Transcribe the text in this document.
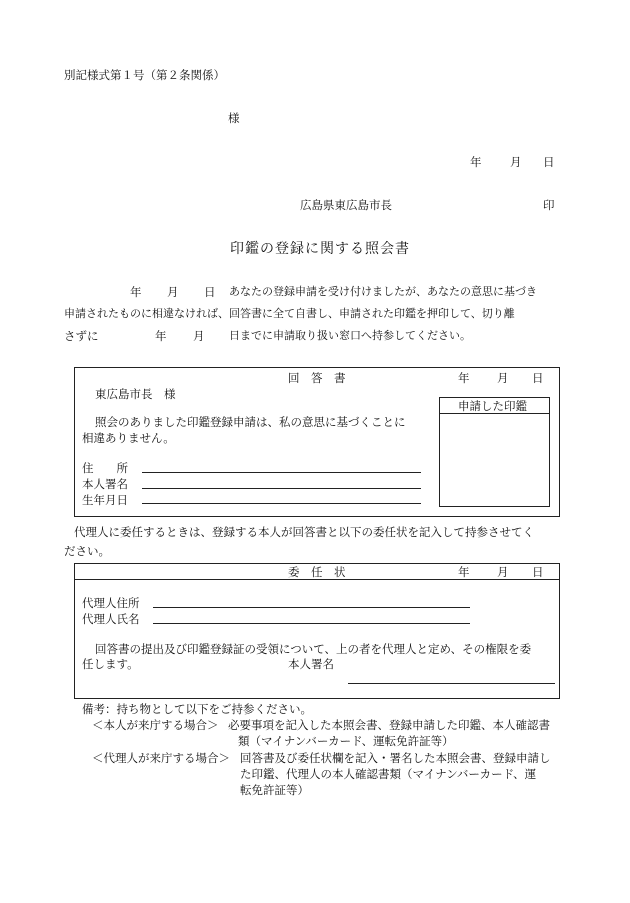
別記様式第１号（第２条関係）
様
年 月 日
広島県東広島市長	印
印鑑の登録に関する照会書
年 月 日 あなたの登録申請を受け付けましたが、あなたの意思に基づき
申請されたものに相違なければ、回答書に全て自書し、申請された印鑑を押印して、切り離
さずに	年 月 日までに申請取り扱い窓口へ持参してください。
回　答　書	年 月 日
東広島市長　様
照会のありました印鑑登録申請は、私の意思に基づくことに
相違ありません。
住　　所
本人署名
生年月日
申請した印鑑
代理人に委任するときは、登録する本人が回答書と以下の委任状を記入して持参させてく
ださい。
委　任　状	年 月 日
代理人住所
代理人氏名
回答書の提出及び印鑑登録証の受領について、上の者を代理人と定め、その権限を委
任します。	本人署名
備考：持ち物として以下をご持参ください。
＜本人が来庁する場合＞ 必要事項を記入した本照会書、登録申請した印鑑、本人確認書
類（マイナンバーカード、運転免許証等）
＜代理人が来庁する場合＞ 回答書及び委任状欄を記入・署名した本照会書、登録申請し
た印鑑、代理人の本人確認書類（マイナンバーカード、運
転免許証等）
